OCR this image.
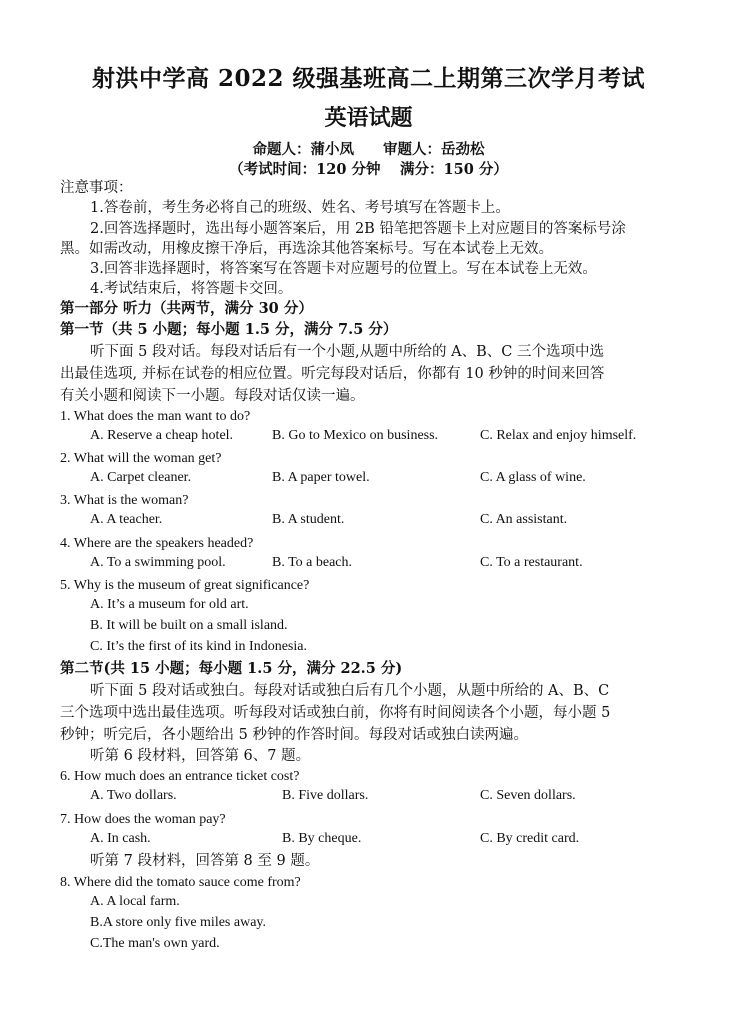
射洪中学高 2022 级强基班高二上期第三次学月考试
英语试题
命题人：蒲小凤　　审题人：岳劲松
（考试时间：120 分钟　 满分：150 分）
注意事项：
1.答卷前，考生务必将自己的班级、姓名、考号填写在答题卡上。
2.回答选择题时，选出每小题答案后，用 2B 铅笔把答题卡上对应题目的答案标号涂
黑。如需改动，用橡皮擦干净后，再选涂其他答案标号。写在本试卷上无效。
3.回答非选择题时，将答案写在答题卡对应题号的位置上。写在本试卷上无效。
4.考试结束后，将答题卡交回。
第一部分 听力（共两节，满分 30 分）
第一节（共 5 小题；每小题 1.5 分，满分 7.5 分）
听下面 5 段对话。每段对话后有一个小题,从题中所给的 A、B、C 三个选项中选
出最佳选项, 并标在试卷的相应位置。听完每段对话后，你都有 10 秒钟的时间来回答
有关小题和阅读下一小题。每段对话仅读一遍。
1. What does the man want to do?
A. Reserve a cheap hotel.	B. Go to Mexico on business.	C. Relax and enjoy himself.
2. What will the woman get?
A. Carpet cleaner.	B. A paper towel.	C. A glass of wine.
3. What is the woman?
A. A teacher.	B. A student.	C. An assistant.
4. Where are the speakers headed?
A. To a swimming pool.	B. To a beach.	C. To a restaurant.
5. Why is the museum of great significance?
A. It’s a museum for old art.
B. It will be built on a small island.
C. It’s the first of its kind in Indonesia.
第二节(共 15 小题；每小题 1.5 分，满分 22.5 分)
听下面 5 段对话或独白。每段对话或独白后有几个小题，从题中所给的 A、B、C
三个选项中选出最佳选项。听每段对话或独白前，你将有时间阅读各个小题，每小题 5
秒钟；听完后，各小题给出 5 秒钟的作答时间。每段对话或独白读两遍。
听第 6 段材料，回答第 6、7 题。
6. How much does an entrance ticket cost?
A. Two dollars.	B. Five dollars.	C. Seven dollars.
7. How does the woman pay?
A. In cash.	B. By cheque.	C. By credit card.
听第 7 段材料，回答第 8 至 9 题。
8. Where did the tomato sauce come from?
A. A local farm.
B.A store only five miles away.
C.The man's own yard.
